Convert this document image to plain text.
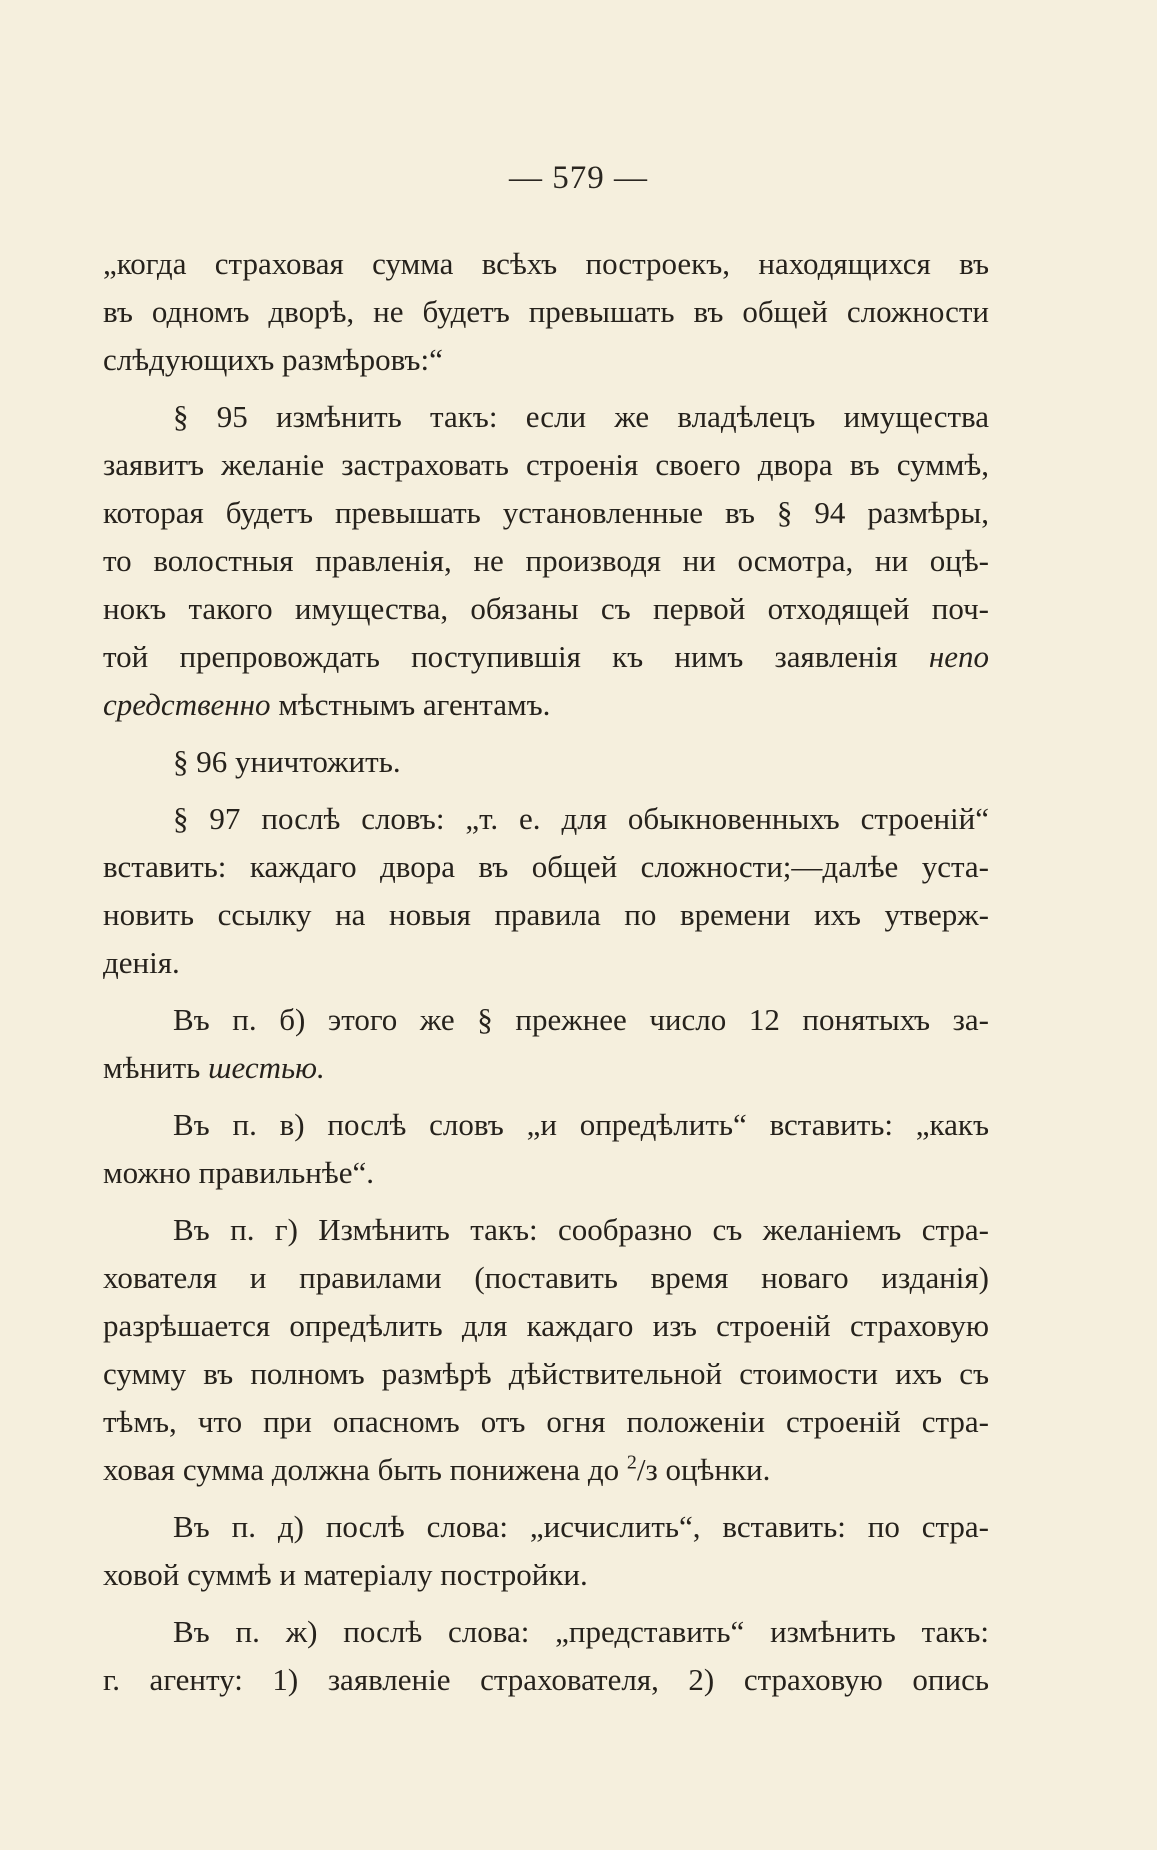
— 579 —
„когда страховая сумма всѣхъ построекъ, находящихся въ
въ одномъ дворѣ, не будетъ превышать въ общей сложности
слѣдующихъ размѣровъ:“
§ 95 измѣнить такъ: если же владѣлецъ имущества
заявитъ желаніе застраховать строенія своего двора въ суммѣ,
которая будетъ превышать установленные въ § 94 размѣры,
то волостныя правленія, не производя ни осмотра, ни оцѣ-
нокъ такого имущества, обязаны съ первой отходящей поч-
той препровождать поступившія къ нимъ заявленія непо
средственно мѣстнымъ агентамъ.
§ 96 уничтожить.
§ 97 послѣ словъ: „т. е. для обыкновенныхъ строеній“
вставить: каждаго двора въ общей сложности;—далѣе уста-
новить ссылку на новыя правила по времени ихъ утверж-
денія.
Въ п. б) этого же § прежнее число 12 понятыхъ за-
мѣнить шестью.
Въ п. в) послѣ словъ „и опредѣлить“ вставить: „какъ
можно правильнѣе“.
Въ п. г) Измѣнить такъ: сообразно съ желаніемъ стра-
хователя и правилами (поставить время новаго изданія)
разрѣшается опредѣлить для каждаго изъ строеній страховую
сумму въ полномъ размѣрѣ дѣйствительной стоимости ихъ съ
тѣмъ, что при опасномъ отъ огня положеніи строеній стра-
ховая сумма должна быть понижена до $^2$/з оцѣнки.
Въ п. д) послѣ слова: „исчислить“, вставить: по стра-
ховой суммѣ и матеріалу постройки.
Въ п. ж) послѣ слова: „представить“ измѣнить такъ:
г. агенту: 1) заявленіе страхователя, 2) страховую опись
